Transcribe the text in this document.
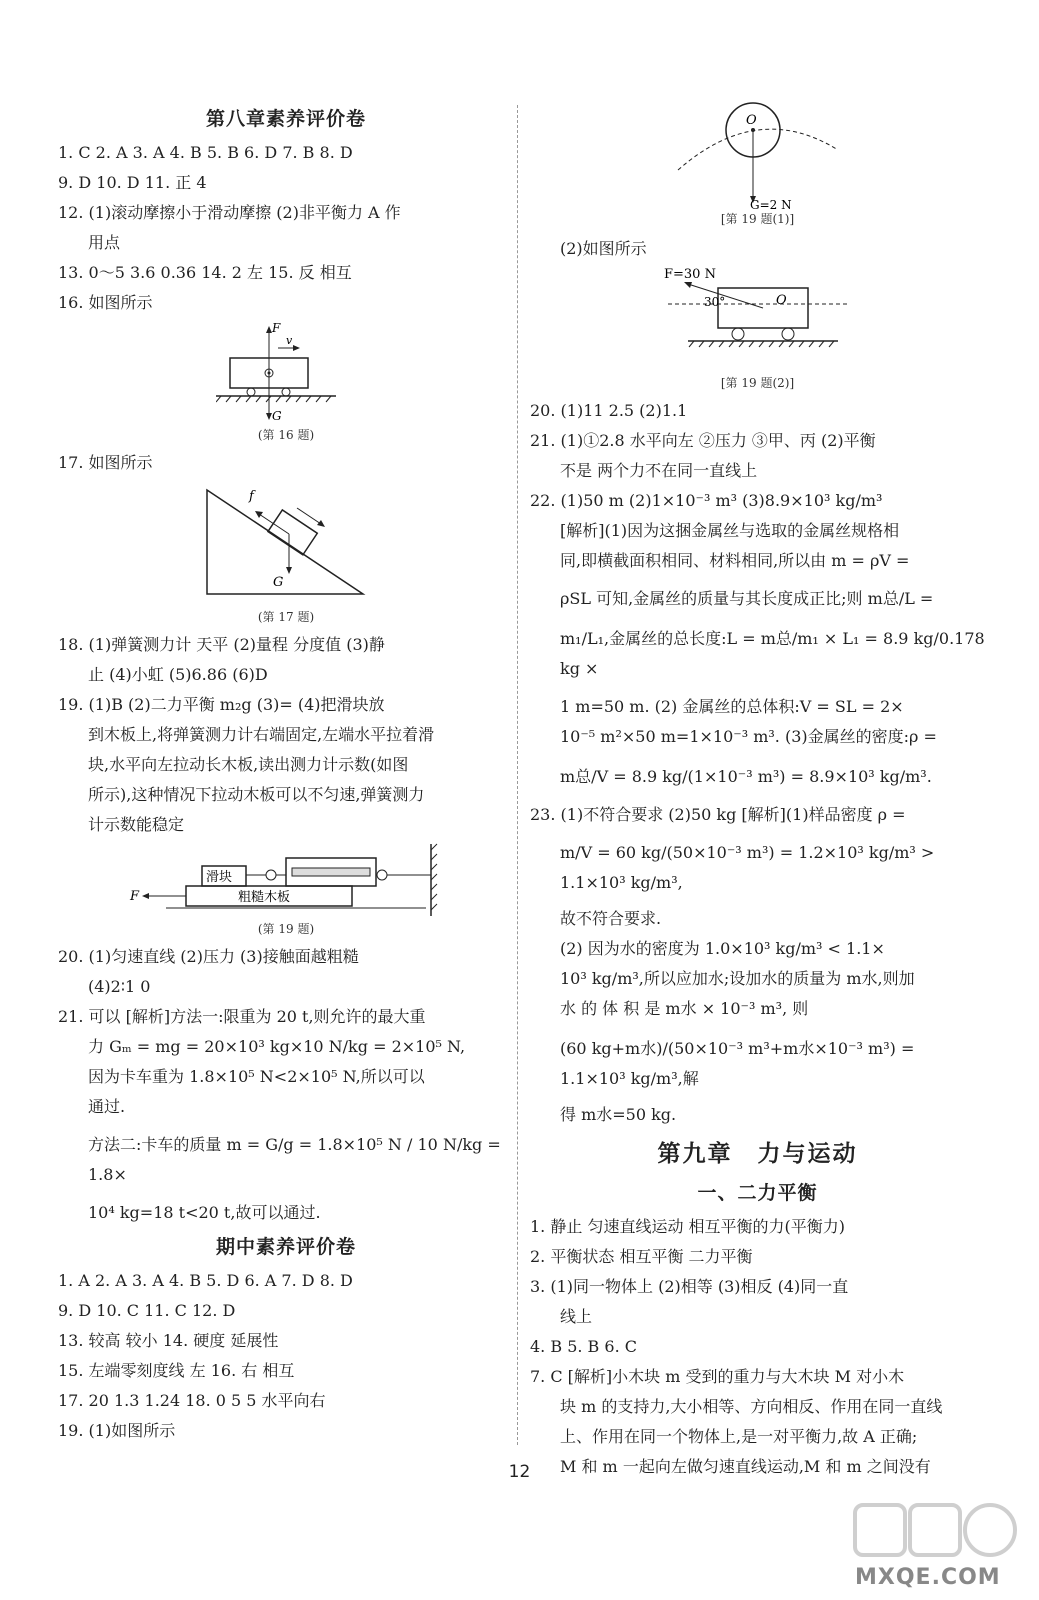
第八章素养评价卷

1. C 2. A 3. A 4. B 5. B 6. D 7. B 8. D

9. D 10. D 11. 正 4

12. (1)滚动摩擦小于滑动摩擦 (2)非平衡力 A 作

用点

13. 0～5 3.6 0.36 14. 2 左 15. 反 相互

16. 如图所示

F
v
G
(第 16 题)

17. 如图所示

f
G
(第 17 题)

18. (1)弹簧测力计 天平 (2)量程 分度值 (3)静

止 (4)小虹 (5)6.86 (6)D

19. (1)B (2)二力平衡 m₂g (3)= (4)把滑块放

到木板上,将弹簧测力计右端固定,左端水平拉着滑

块,水平向左拉动长木板,读出测力计示数(如图

所示),这种情况下拉动木板可以不匀速,弹簧测力

计示数能稳定

粗糙木板
滑块
F
(第 19 题)

20. (1)匀速直线 (2)压力 (3)接触面越粗糙

(4)2∶1 0

21. 可以 [解析]方法一:限重为 20 t,则允许的最大重

力 Gₘ = mg = 20×10³ kg×10 N/kg = 2×10⁵ N,

因为卡车重为 1.8×10⁵ N<2×10⁵ N,所以可以

通过.

方法二:卡车的质量 m = G/g = 1.8×10⁵ N / 10 N/kg = 1.8×

10⁴ kg=18 t<20 t,故可以通过.

期中素养评价卷

1. A 2. A 3. A 4. B 5. D 6. A 7. D 8. D

9. D 10. C 11. C 12. D

13. 较高 较小 14. 硬度 延展性

15. 左端零刻度线 左 16. 右 相互

17. 20 1.3 1.24 18. 0 5 5 水平向右

19. (1)如图所示

O
G=2 N
[第 19 题(1)]

(2)如图所示

F=30 N
30°	O
[第 19 题(2)]

20. (1)11 2.5 (2)1.1

21. (1)①2.8 水平向左 ②压力 ③甲、丙 (2)平衡

不是 两个力不在同一直线上

22. (1)50 m (2)1×10⁻³ m³ (3)8.9×10³ kg/m³

[解析](1)因为这捆金属丝与选取的金属丝规格相

同,即横截面积相同、材料相同,所以由 m = ρV =

ρSL 可知,金属丝的质量与其长度成正比;则 m总/L =

m₁/L₁,金属丝的总长度:L = m总/m₁ × L₁ = 8.9 kg/0.178 kg ×

1 m=50 m. (2) 金属丝的总体积:V = SL = 2×

10⁻⁵ m²×50 m=1×10⁻³ m³. (3)金属丝的密度:ρ =

m总/V = 8.9 kg/(1×10⁻³ m³) = 8.9×10³ kg/m³.

23. (1)不符合要求 (2)50 kg [解析](1)样品密度 ρ =

m/V = 60 kg/(50×10⁻³ m³) = 1.2×10³ kg/m³ > 1.1×10³ kg/m³,

故不符合要求.

(2) 因为水的密度为 1.0×10³ kg/m³ < 1.1×

10³ kg/m³,所以应加水;设加水的质量为 m水,则加

水 的 体 积 是 m水 × 10⁻³ m³, 则

(60 kg+m水)/(50×10⁻³ m³+m水×10⁻³ m³) = 1.1×10³ kg/m³,解

得 m水=50 kg.

第九章　力与运动
一、二力平衡

1. 静止 匀速直线运动 相互平衡的力(平衡力)

2. 平衡状态 相互平衡 二力平衡

3. (1)同一物体上 (2)相等 (3)相反 (4)同一直

线上

4. B 5. B 6. C

7. C [解析]小木块 m 受到的重力与大木块 M 对小木

块 m 的支持力,大小相等、方向相反、作用在同一直线

上、作用在同一个物体上,是一对平衡力,故 A 正确;

M 和 m 一起向左做匀速直线运动,M 和 m 之间没有

12
MXQE.COM
